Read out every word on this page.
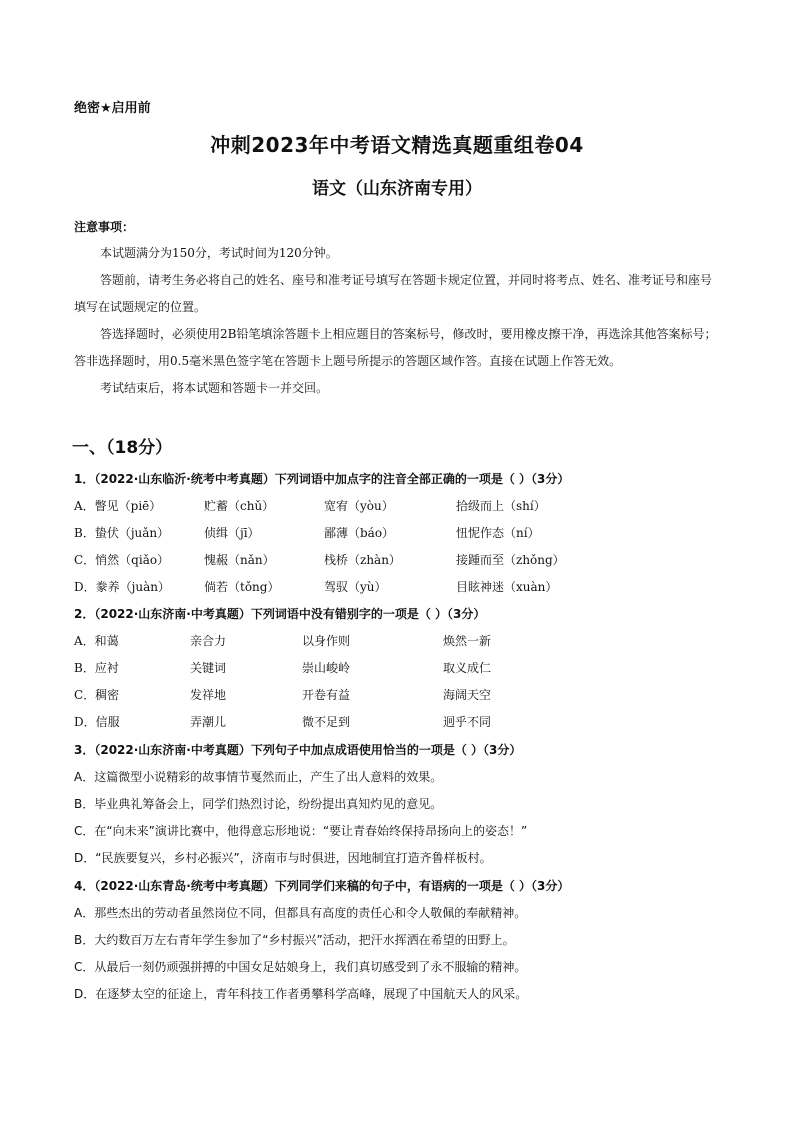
绝密★启用前
冲刺2023年中考语文精选真题重组卷04
语文（山东济南专用）
注意事项：

本试题满分为150分，考试时间为120分钟。

答题前，请考生务必将自己的姓名、座号和准考证号填写在答题卡规定位置，并同时将考点、姓名、准考证号和座号填写在试题规定的位置。

答选择题时，必须使用2B铅笔填涂答题卡上相应题目的答案标号，修改时，要用橡皮擦干净，再选涂其他答案标号；答非选择题时，用0.5毫米黑色签字笔在答题卡上题号所提示的答题区域作答。直接在试题上作答无效。

考试结束后，将本试题和答题卡一并交回。

一、（18分）
1．（2022·山东临沂·统考中考真题）下列词语中加点字的注音全部正确的一项是（ ）（3分）
A．瞥见（piē）	贮蓄（chǔ）	宽宥（yòu）	拾级而上（shí）
B．蛰伏（juǎn）	侦缉（jī）	鄙薄（báo）	忸怩作态（ní）
C．悄然（qiǎo）	愧赧（nǎn）	栈桥（zhàn）	接踵而至（zhǒng）
D．豢养（juàn）	倘若（tǒng）	驾驭（yù）	目眩神迷（xuàn）
2．（2022·山东济南·中考真题）下列词语中没有错别字的一项是（ ）（3分）
A．和蔼	亲合力	以身作则	焕然一新
B．应衬	关键词	崇山峻岭	取义成仁
C．稠密	发祥地	开卷有益	海阔天空
D．信服	弄潮儿	微不足到	迥乎不同
3．（2022·山东济南·中考真题）下列句子中加点成语使用恰当的一项是（ ）（3分）
A．这篇微型小说精彩的故事情节戛然而止，产生了出人意料的效果。
B．毕业典礼筹备会上，同学们热烈讨论，纷纷提出真知灼见的意见。
C．在“向未来”演讲比赛中，他得意忘形地说：“要让青春始终保持昂扬向上的姿态！”
D．“民族要复兴，乡村必振兴”，济南市与时俱进，因地制宜打造齐鲁样板村。
4．（2022·山东青岛·统考中考真题）下列同学们来稿的句子中，有语病的一项是（ ）（3分）
A．那些杰出的劳动者虽然岗位不同，但都具有高度的责任心和令人敬佩的奉献精神。
B．大约数百万左右青年学生参加了“乡村振兴”活动，把汗水挥洒在希望的田野上。
C．从最后一刻仍顽强拼搏的中国女足姑娘身上，我们真切感受到了永不服输的精神。
D．在逐梦太空的征途上，青年科技工作者勇攀科学高峰，展现了中国航天人的风采。
